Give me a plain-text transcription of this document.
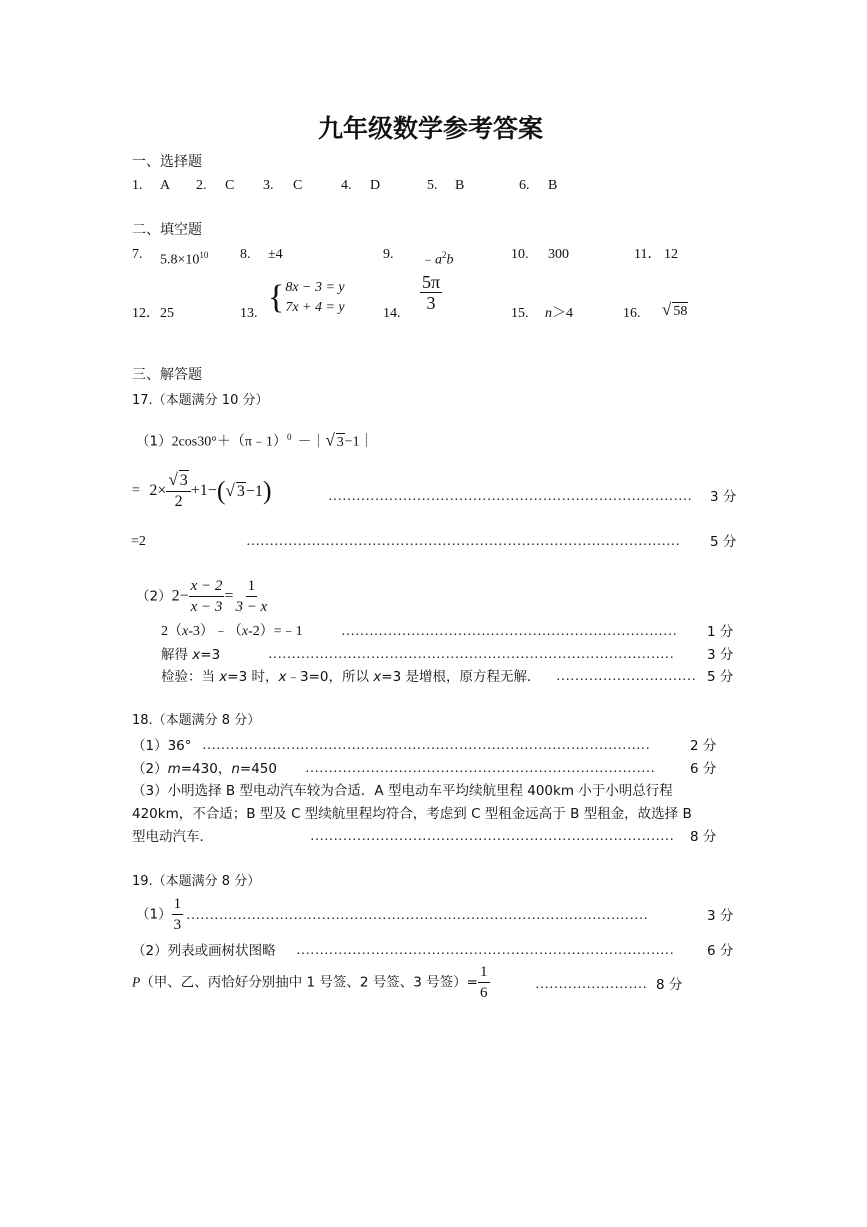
九年级数学参考答案
一、选择题
1. A 2. C 3. C	4. D	5. B	6. B
二、填空题
7. $5.8\times 10^{10}$ 8. ±4	9. $﹣a^2b$	10. 300	11． 12
12． 25	13. { 8x − 3 = y
7x + 4 = y	14.
$\frac{5\pi}{3}$
15. n＞4	16. √ 58
三、解答题
17.（本题满分 10 分）
（1）2cos30°＋（π﹣1）$^0$ －｜√ 3−1｜
= $2\times \frac{√ 3}{2} +1-(√$ 3−1)	…………………………………………………………………… 3 分
=2	………………………………………………………………………………… 5 分
$(2)2- \frac{x - 2}{x - 3} = \frac{1}{3 - x}$
2（x-3）﹣（x-2）=﹣1	……………………………………………………………… 1 分
解得 x=3	…………………………………………………………………………… 3 分
检验：当 x=3 时，x﹣3=0，所以 x=3 是增根，原方程无解． ………………………… 5 分
18.（本题满分 8 分）
（1）36° ……………………………………………………………………………………	2 分
（2）m=430，n=450 …………………………………………………………………	6 分
（3）小明选择 B 型电动汽车较为合适．A 型电动车平均续航里程 400km 小于小明总行程
420km，不合适；B 型及 C 型续航里程均符合，考虑到 C 型租金远高于 B 型租金，故选择 B
型电动汽车．	…………………………………………………………………… 8 分
19.（本题满分 8 分）
$(1) \frac{1}{3}$ ………………………………………………………………………………………	3 分
（2）列表或画树状图略 ……………………………………………………………………… 6 分
P（甲、乙、丙恰好分别抽中 1 号签、2 号签、3 号签）= $\frac{1}{6}$	…………………… 8 分
